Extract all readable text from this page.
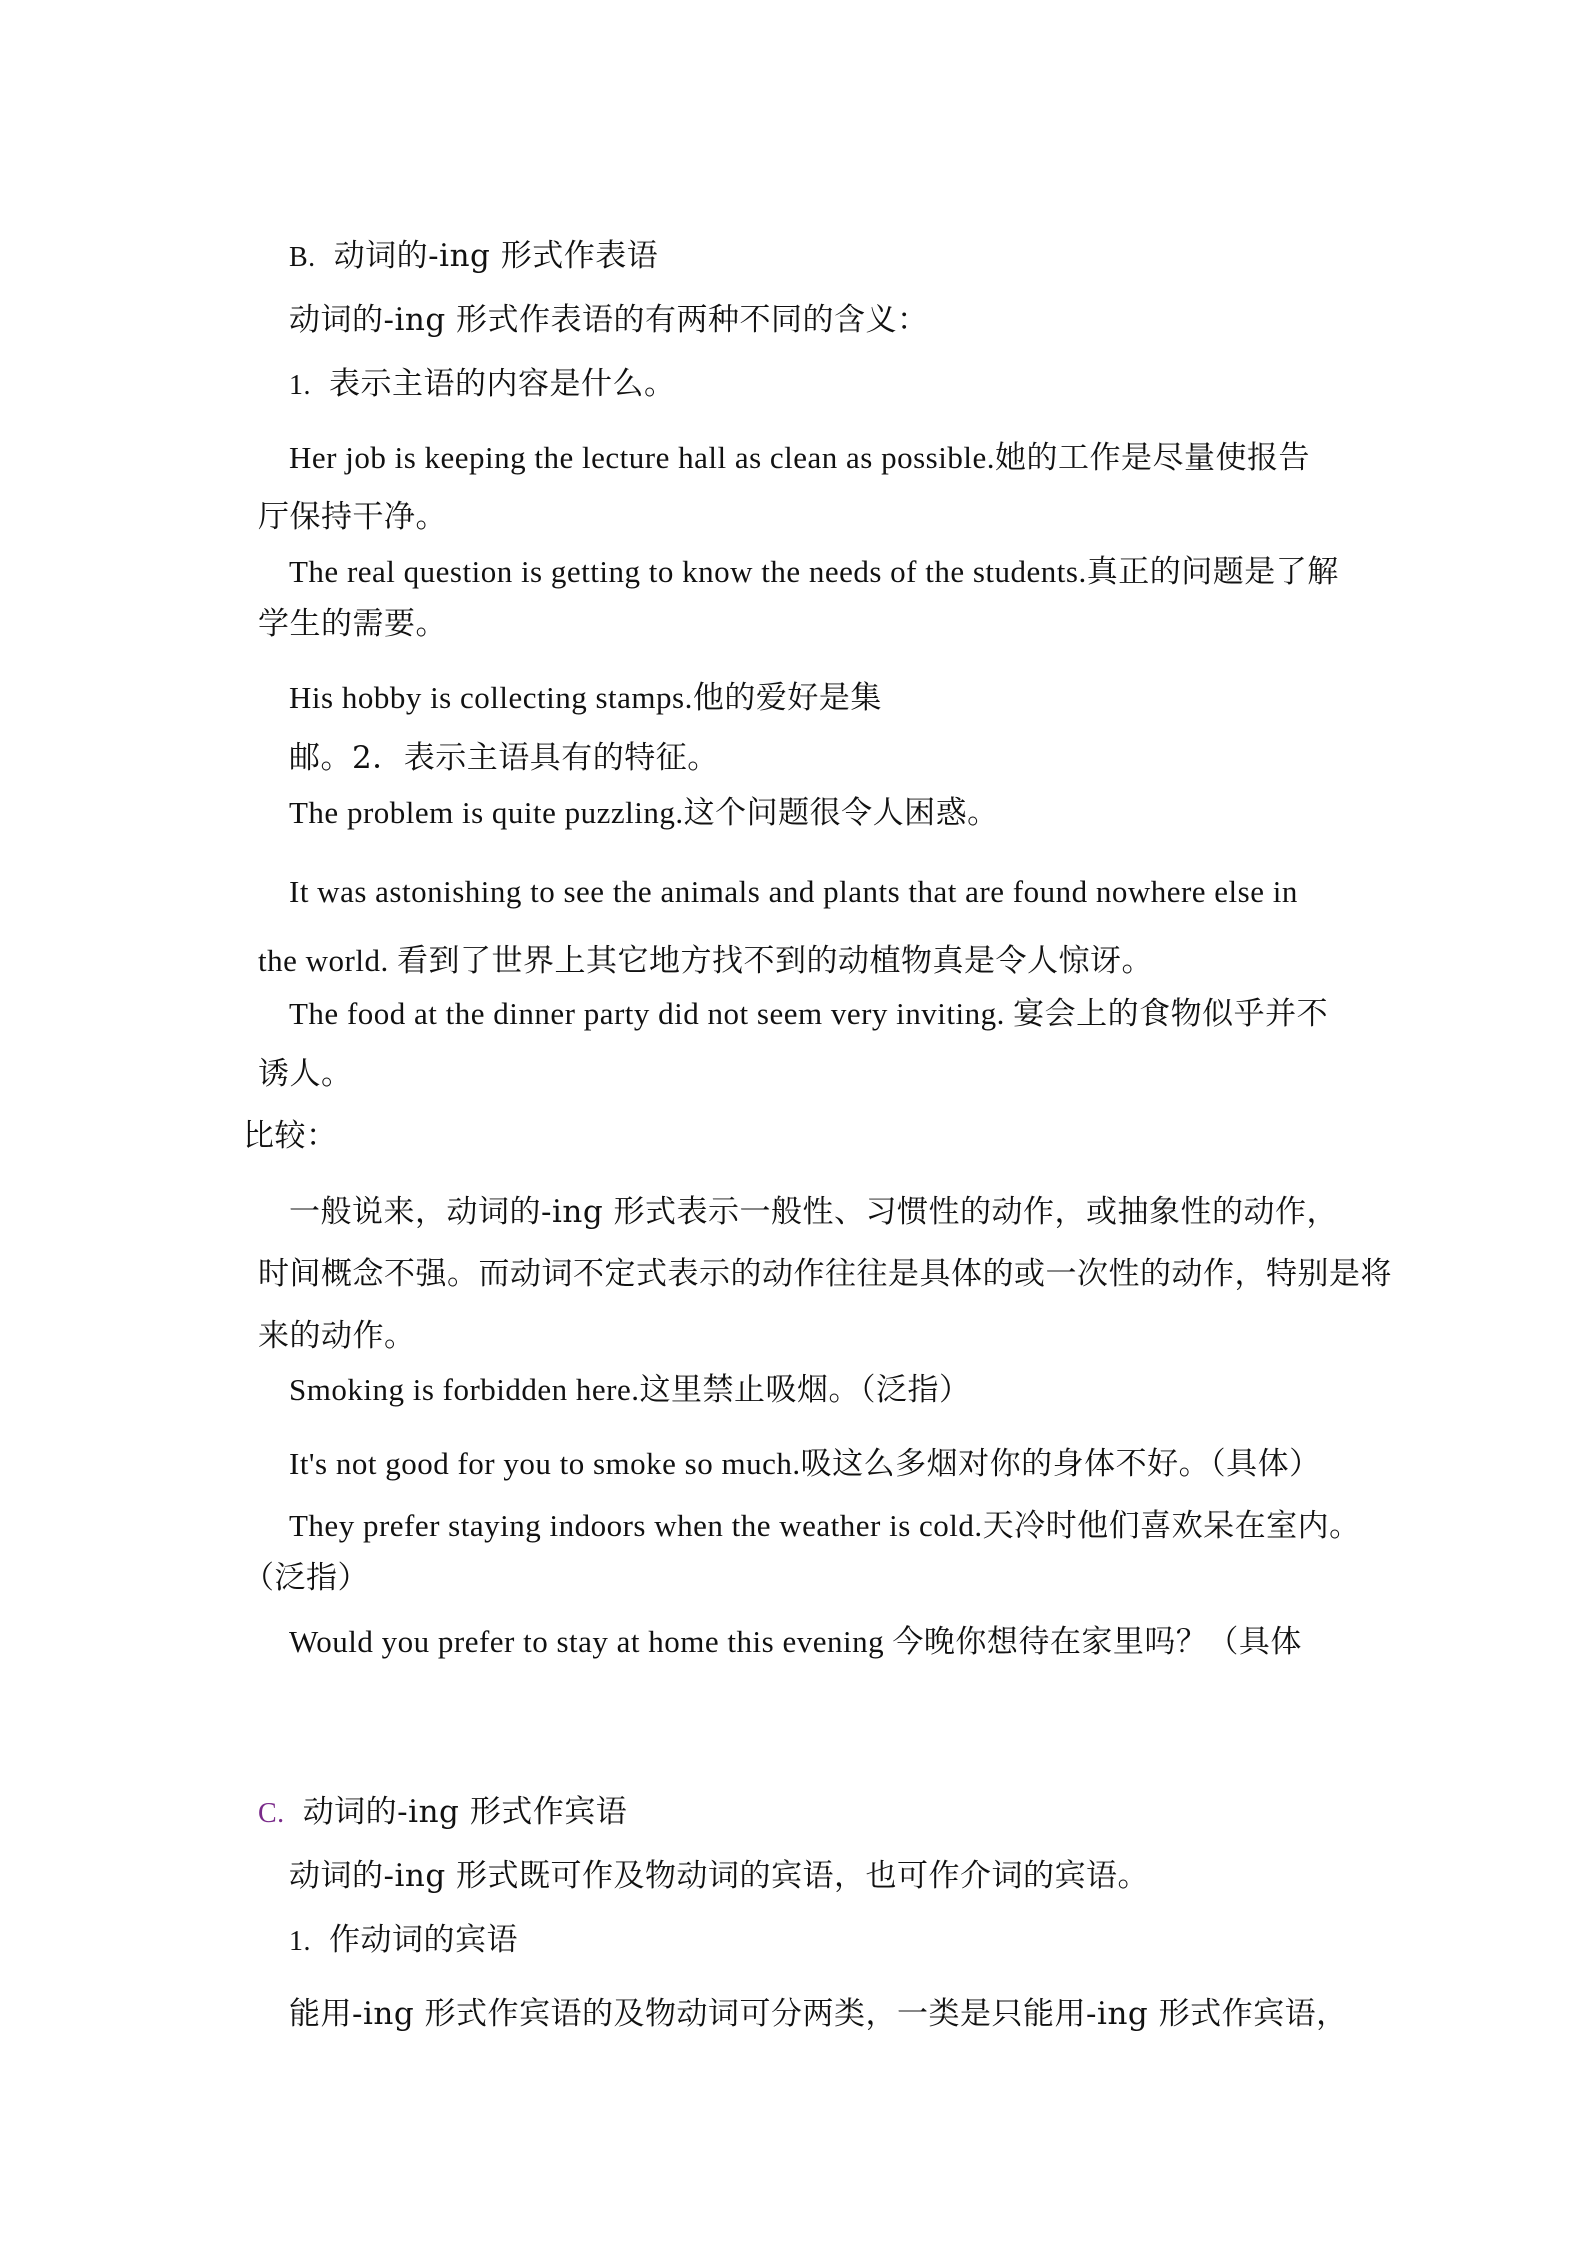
B. 动词的-ing 形式作表语
动词的-ing 形式作表语的有两种不同的含义：
1. 表示主语的内容是什么。
Her job is keeping the lecture hall as clean as possible.她的工作是尽量使报告
厅保持干净。
The real question is getting to know the needs of the students.真正的问题是了解
学生的需要。
His hobby is collecting stamps.他的爱好是集
邮。2．表示主语具有的特征。
The problem is quite puzzling.这个问题很令人困惑。
It was astonishing to see the animals and plants that are found nowhere else in
the world. 看到了世界上其它地方找不到的动植物真是令人惊讶。
The food at the dinner party did not seem very inviting. 宴会上的食物似乎并不
诱人。
比较：
一般说来，动词的-ing 形式表示一般性、习惯性的动作，或抽象性的动作，
时间概念不强。而动词不定式表示的动作往往是具体的或一次性的动作，特别是将
来的动作。
Smoking is forbidden here.这里禁止吸烟。（泛指）
It's not good for you to smoke so much.吸这么多烟对你的身体不好。（具体）
They prefer staying indoors when the weather is cold.天冷时他们喜欢呆在室内。
（泛指）
Would you prefer to stay at home this evening 今晚你想待在家里吗？（具体
C. 动词的-ing 形式作宾语
动词的-ing 形式既可作及物动词的宾语，也可作介词的宾语。
1. 作动词的宾语
能用-ing 形式作宾语的及物动词可分两类，一类是只能用-ing 形式作宾语，
